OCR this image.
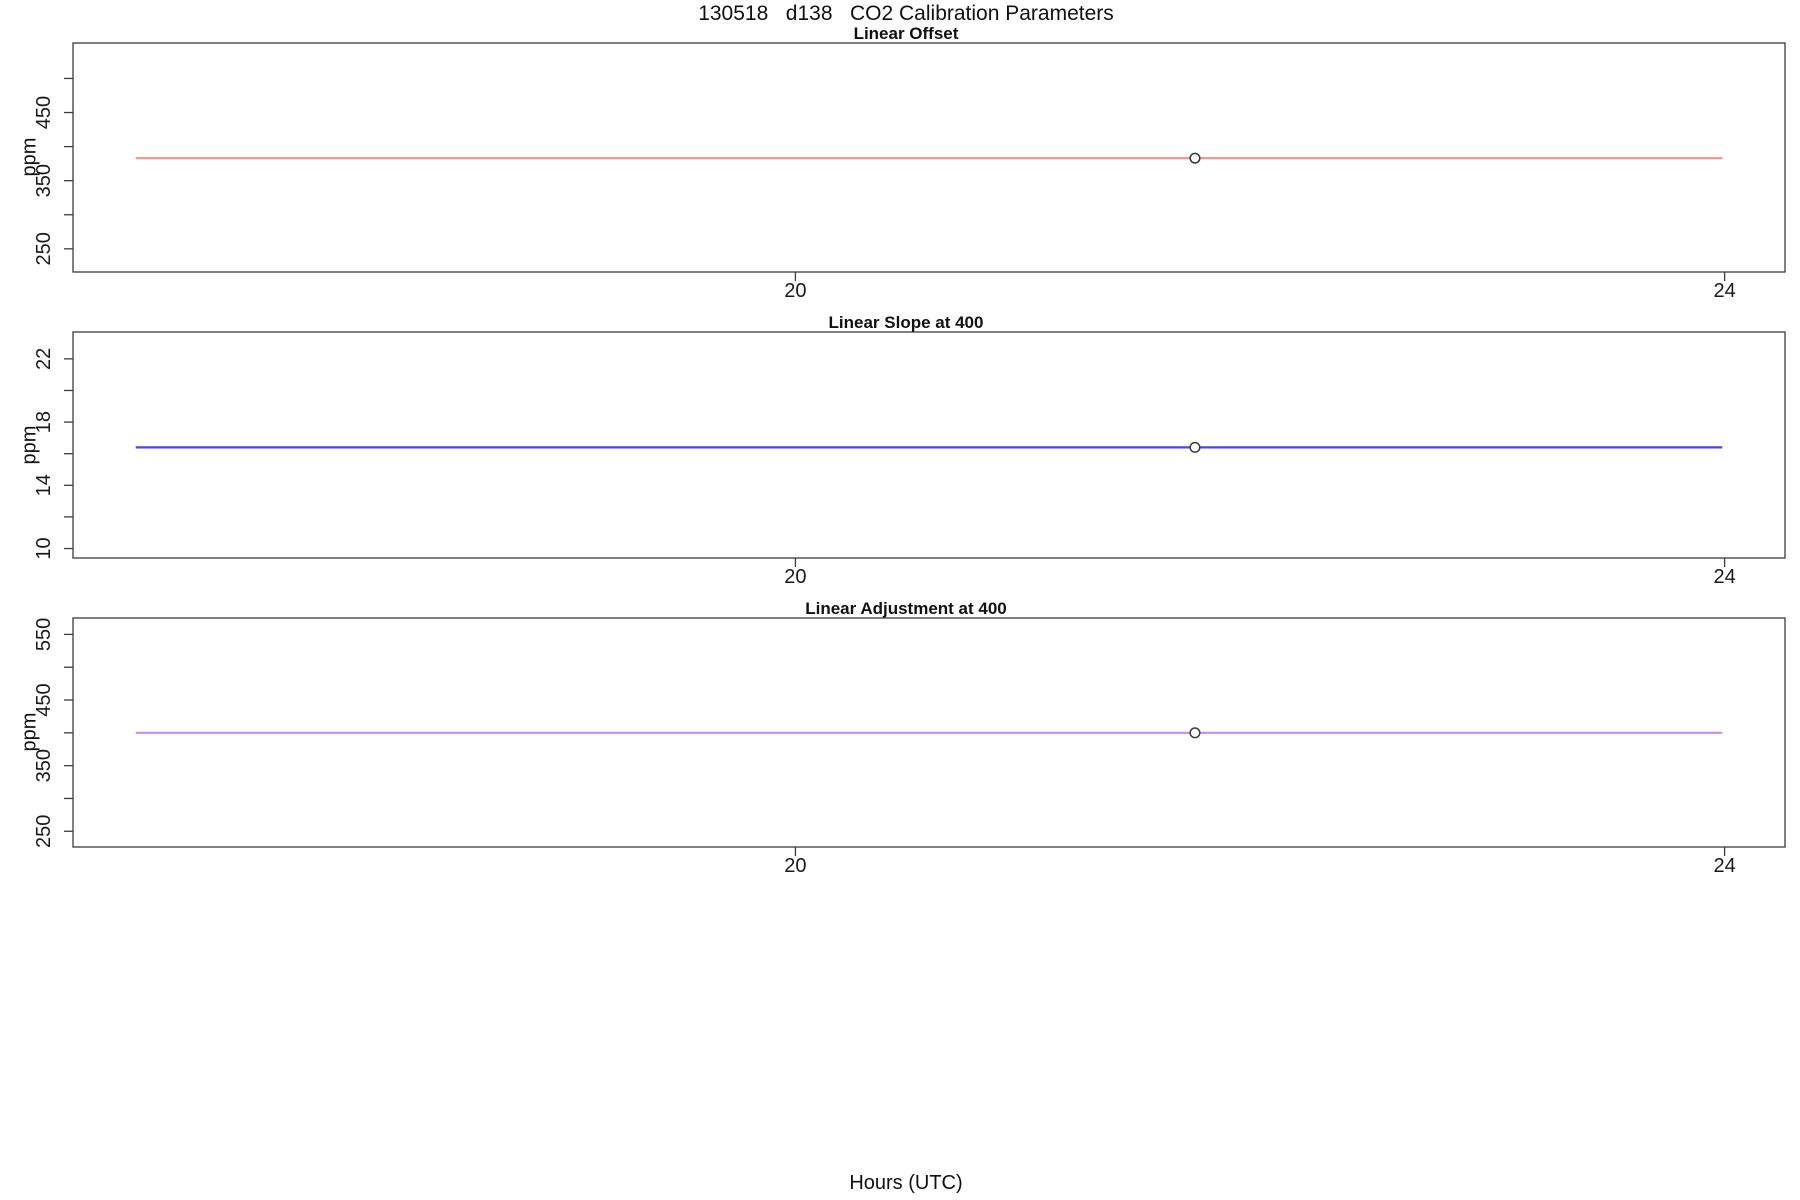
20	24
250
350
450
20	24
10
14
18
22
20	24
250
350
450
550
130518   d138   CO2 Calibration Parameters
Linear Offset
Linear Slope at 400
Linear Adjustment at 400
ppm
ppm
ppm
Hours (UTC)
